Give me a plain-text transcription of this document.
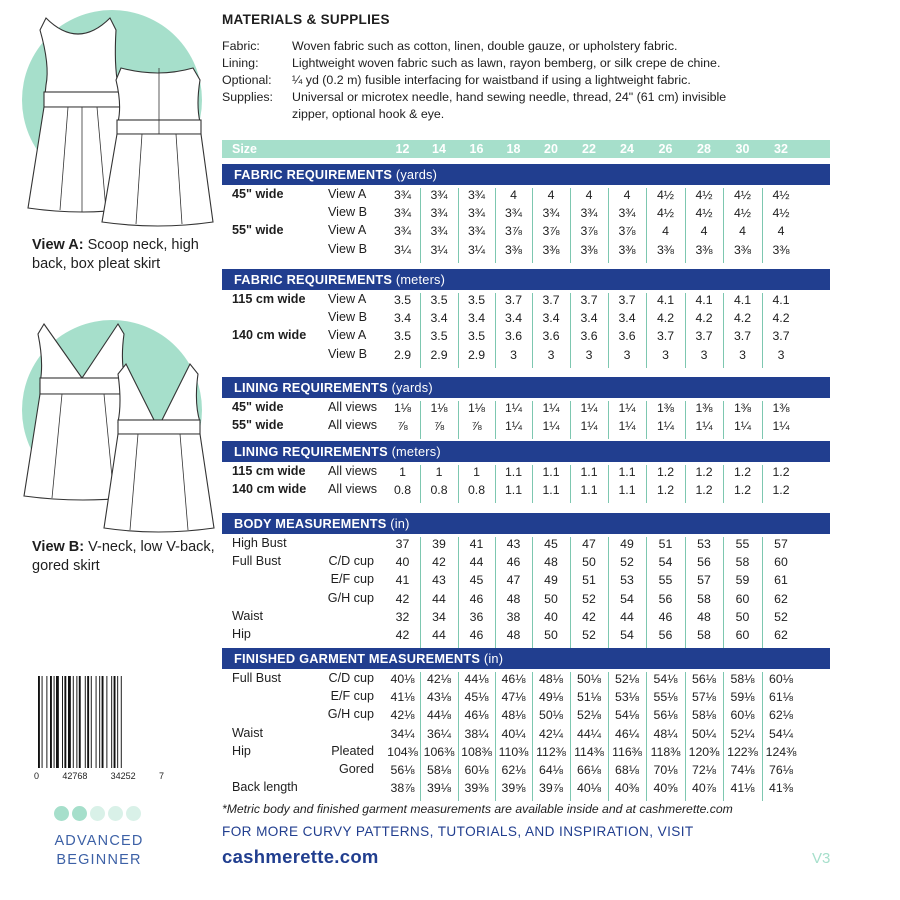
View A: Scoop neck, high back, box pleat skirt
View B: V-neck, low V-back, gored skirt
0	42768	34252	7
ADVANCED
BEGINNER
MATERIALS & SUPPLIES
Fabric:	Woven fabric such as cotton, linen, double gauze, or upholstery fabric.
Lining:	Lightweight woven fabric such as lawn, rayon bemberg, or silk crepe de chine.
Optional: ¼ yd (0.2 m) fusible interfacing for waistband if using a lightweight fabric.
Supplies: Universal or microtex needle, hand sewing needle, thread, 24" (61 cm) invisible
zipper, optional hook & eye.
Size	12	14	16	18	20	22	24	26	28	30	32
FABRIC REQUIREMENTS (yards)
45" wide	View A	3¾	3¾	3¾	4	4	4	4	4½	4½	4½	4½
View B	3¾	3¾	3¾	3¾	3¾	3¾	3¾	4½	4½	4½	4½
55" wide	View A	3¾	3¾	3¾	3⅞	3⅞	3⅞	3⅞	4	4	4	4
View B	3¼	3¼	3¼	3⅜	3⅜	3⅜	3⅜	3⅜	3⅜	3⅜	3⅜
FABRIC REQUIREMENTS (meters)
115 cm wide View A	3.5	3.5	3.5	3.7	3.7	3.7	3.7	4.1	4.1	4.1	4.1
View B	3.4	3.4	3.4	3.4	3.4	3.4	3.4	4.2	4.2	4.2	4.2
140 cm wide View A	3.5	3.5	3.5	3.6	3.6	3.6	3.6	3.7	3.7	3.7	3.7
View B	2.9	2.9	2.9	3	3	3	3	3	3	3	3
LINING REQUIREMENTS (yards)
45" wide	All views	1⅛	1⅛	1⅛	1¼	1¼	1¼	1¼	1⅜	1⅜	1⅜	1⅜
55" wide	All views	⅞	⅞	⅞	1¼	1¼	1¼	1¼	1¼	1¼	1¼	1¼
LINING REQUIREMENTS (meters)
115 cm wide All views	1	1	1	1.1	1.1	1.1	1.1	1.2	1.2	1.2	1.2
140 cm wide All views	0.8	0.8	0.8	1.1	1.1	1.1	1.1	1.2	1.2	1.2	1.2
BODY MEASUREMENTS (in)
High Bust	37	39	41	43	45	47	49	51	53	55	57
Full Bust	C/D cup	40	42	44	46	48	50	52	54	56	58	60
E/F cup	41	43	45	47	49	51	53	55	57	59	61
G/H cup	42	44	46	48	50	52	54	56	58	60	62
Waist	32	34	36	38	40	42	44	46	48	50	52
Hip	42	44	46	48	50	52	54	56	58	60	62
FINISHED GARMENT MEASUREMENTS (in)
Full Bust	C/D cup	40⅛	42⅛	44⅛	46⅛	48⅛	50⅛	52⅛	54⅛	56⅛	58⅛	60⅛
E/F cup	41⅛	43⅛	45⅛	47⅛	49⅛	51⅛	53⅛	55⅛	57⅛	59⅛	61⅛
G/H cup	42⅛	44⅛	46⅛	48⅛	50⅛	52⅛	54⅛	56⅛	58⅛	60⅛	62⅛
Waist	34¼	36¼	38¼	40¼	42¼	44¼	46¼	48¼	50¼	52¼	54¼
Hip	Pleated 104⅜ 106⅜ 108⅜ 110⅜ 112⅜ 114⅜ 116⅜ 118⅜ 120⅜ 122⅜ 124⅜
Gored	56⅛	58⅛	60⅛	62⅛	64⅛	66⅛	68⅛	70⅛	72⅛	74⅛	76⅛
Back length	38⅞	39⅛	39⅜	39⅝	39⅞	40⅛	40⅜	40⅝	40⅞	41⅛	41⅜
*Metric body and finished garment measurements are available inside and at cashmerette.com
FOR MORE CURVY PATTERNS, TUTORIALS, AND INSPIRATION, VISIT
cashmerette.com	V3
